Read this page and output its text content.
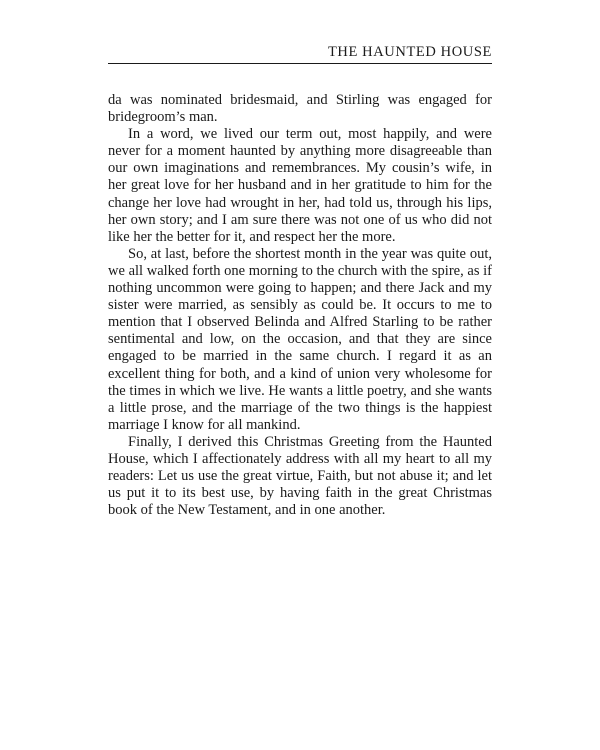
THE HAUNTED HOUSE

da was nominated bridesmaid, and Stirling was engaged for bridegroom’s man.

In a word, we lived our term out, most happily, and were never for a moment haunted by anything more disagreeable than our own imaginations and remembrances. My cousin’s wife, in her great love for her husband and in her gratitude to him for the change her love had wrought in her, had told us, through his lips, her own story; and I am sure there was not one of us who did not like her the better for it, and respect her the more.

So, at last, before the shortest month in the year was quite out, we all walked forth one morning to the church with the spire, as if nothing uncommon were going to happen; and there Jack and my sister were married, as sensibly as could be. It occurs to me to mention that I observed Belinda and Alfred Starling to be rather sentimental and low, on the occasion, and that they are since engaged to be married in the same church. I regard it as an excellent thing for both, and a kind of union very wholesome for the times in which we live. He wants a little poetry, and she wants a little prose, and the marriage of the two things is the happiest marriage I know for all mankind.

Finally, I derived this Christmas Greeting from the Haunted House, which I affectionately address with all my heart to all my readers: Let us use the great virtue, Faith, but not abuse it; and let us put it to its best use, by having faith in the great Christmas book of the New Testament, and in one another.
